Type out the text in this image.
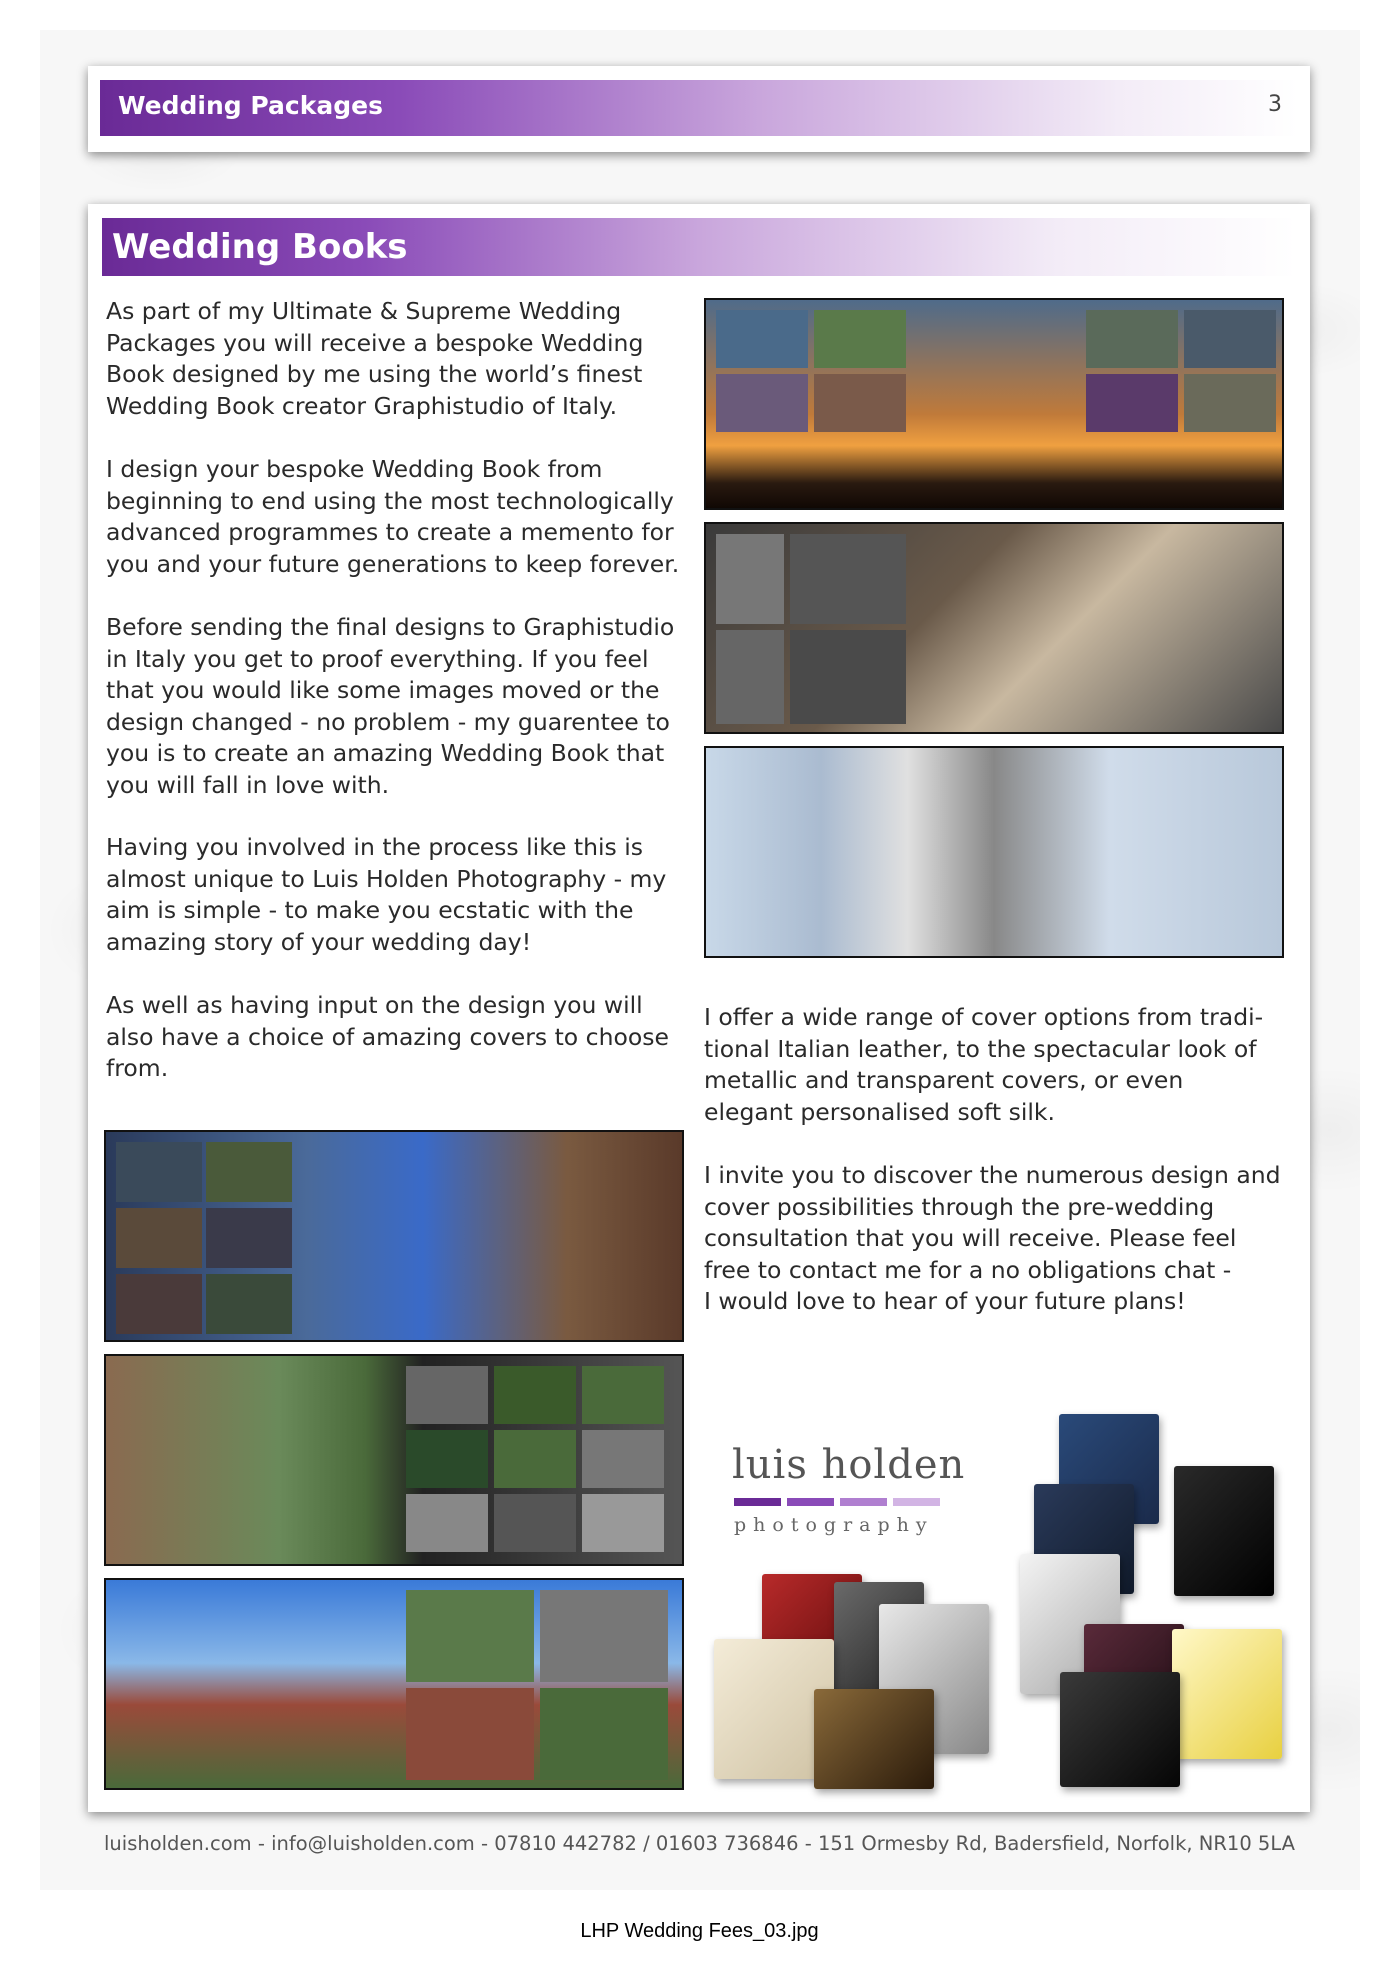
Wedding Packages	3
Wedding Books
As part of my Ultimate & Supreme Wedding
Packages you will receive a bespoke Wedding
Book designed by me using the world’s finest
Wedding Book creator Graphistudio of Italy.
I design your bespoke Wedding Book from
beginning to end using the most technologically
advanced programmes to create a memento for
you and your future generations to keep forever.
Before sending the final designs to Graphistudio
in Italy you get to proof everything. If you feel
that you would like some images moved or the
design changed - no problem - my guarentee to
you is to create an amazing Wedding Book that
you will fall in love with.
Having you involved in the process like this is
almost unique to Luis Holden Photography - my
aim is simple - to make you ecstatic with the
amazing story of your wedding day!
As well as having input on the design you will
also have a choice of amazing covers to choose
from.
I offer a wide range of cover options from tradi-
tional Italian leather, to the spectacular look of
metallic and transparent covers, or even
elegant personalised soft silk.
I invite you to discover the numerous design and
cover possibilities through the pre-wedding
consultation that you will receive. Please feel
free to contact me for a no obligations chat -
I would love to hear of your future plans!
luis holden
photography
luisholden.com - info@luisholden.com - 07810 442782 / 01603 736846 - 151 Ormesby Rd, Badersfield, Norfolk, NR10 5LA
LHP Wedding Fees_03.jpg
